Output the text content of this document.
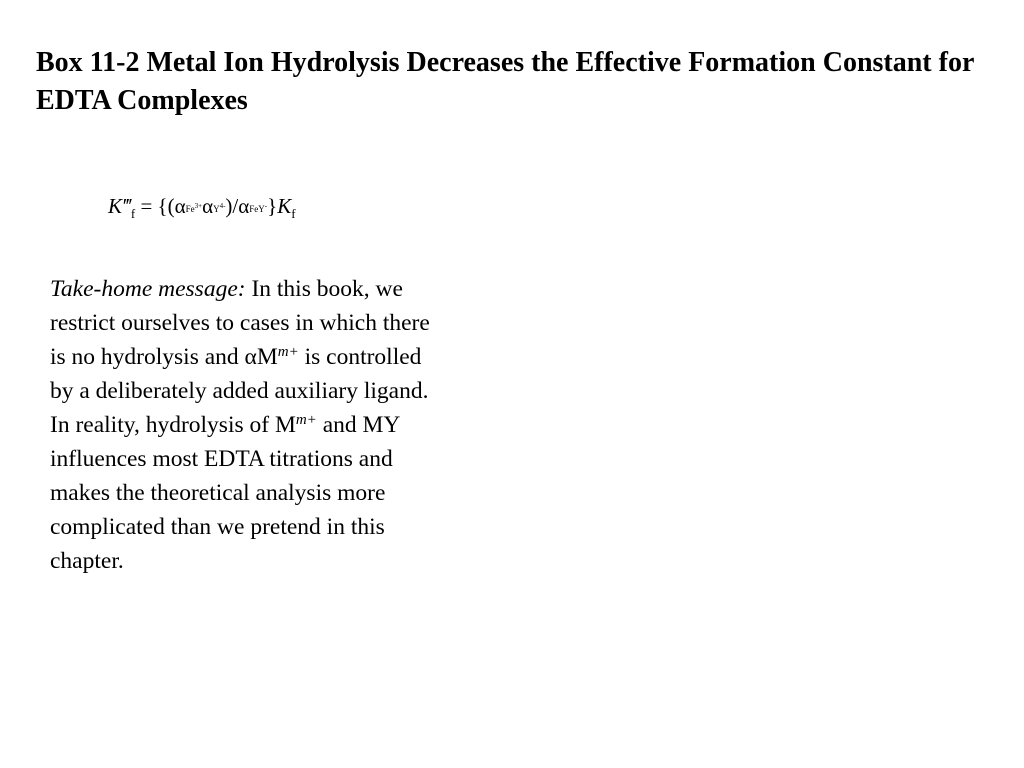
Box 11-2 Metal Ion Hydrolysis Decreases the Effective Formation Constant for EDTA Complexes
$K‴_f = \{(\alpha Fe^{3+}\alpha Y^{4-})/\alpha FeY^-\}K_f$

Take-home message: In this book, we restrict ourselves to cases in which there is no hydrolysis and $\alpha M^{m+}$ is controlled by a deliberately added auxiliary ligand. In reality, hydrolysis of $M^{m+}$ and MY influences most EDTA titrations and makes the theoretical analysis more complicated than we pretend in this chapter.
